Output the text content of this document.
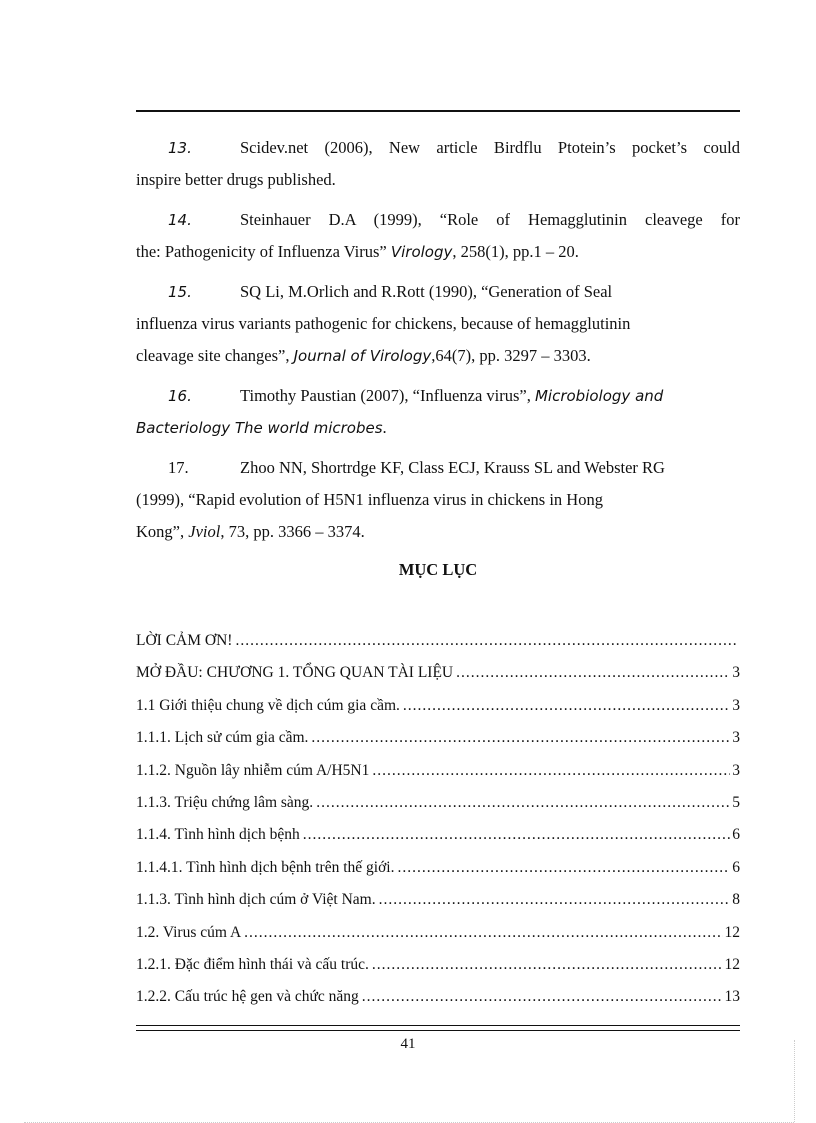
13.	Scidev.net (2006), New article Birdflu Ptotein’s pocket’s could
inspire better drugs published.
14.	Steinhauer D.A (1999), “Role of Hemagglutinin cleavege for
the: Pathogenicity of Influenza Virus” Virology, 258(1), pp.1 – 20.
15.	SQ Li, M.Orlich and R.Rott (1990), “Generation of Seal
influenza virus variants pathogenic for chickens, because of hemagglutinin
cleavage site changes”, Journal of Virology,64(7), pp. 3297 – 3303.
16.	Timothy Paustian (2007), “Influenza virus”, Microbiology and
Bacteriology The world microbes.
17.	Zhoo NN, Shortrdge KF, Class ECJ, Krauss SL and Webster RG
(1999), “Rapid evolution of H5N1 influenza virus in chickens in Hong
Kong”, Jviol, 73, pp. 3366 – 3374.
MỤC LỤC
LỜI CẢM ƠN!
.....
MỞ ĐẦU: CHƯƠNG 1. TỔNG QUAN TÀI LIỆU .....	3
1.1 Giới thiệu chung về dịch cúm gia cầm. .....	3
1.1.1. Lịch sử cúm gia cầm. .....	3
1.1.2. Nguồn lây nhiễm cúm A/H5N1 .....	3
1.1.3. Triệu chứng lâm sàng. .....	5
1.1.4. Tình hình dịch bệnh .....	6
1.1.4.1. Tình hình dịch bệnh trên thế giới. .....	6
1.1.3. Tình hình dịch cúm ở Việt Nam. .....	8
1.2. Virus cúm A .....	12
1.2.1. Đặc điểm hình thái và cấu trúc. .....	12
1.2.2. Cấu trúc hệ gen và chức năng .....	13
41
